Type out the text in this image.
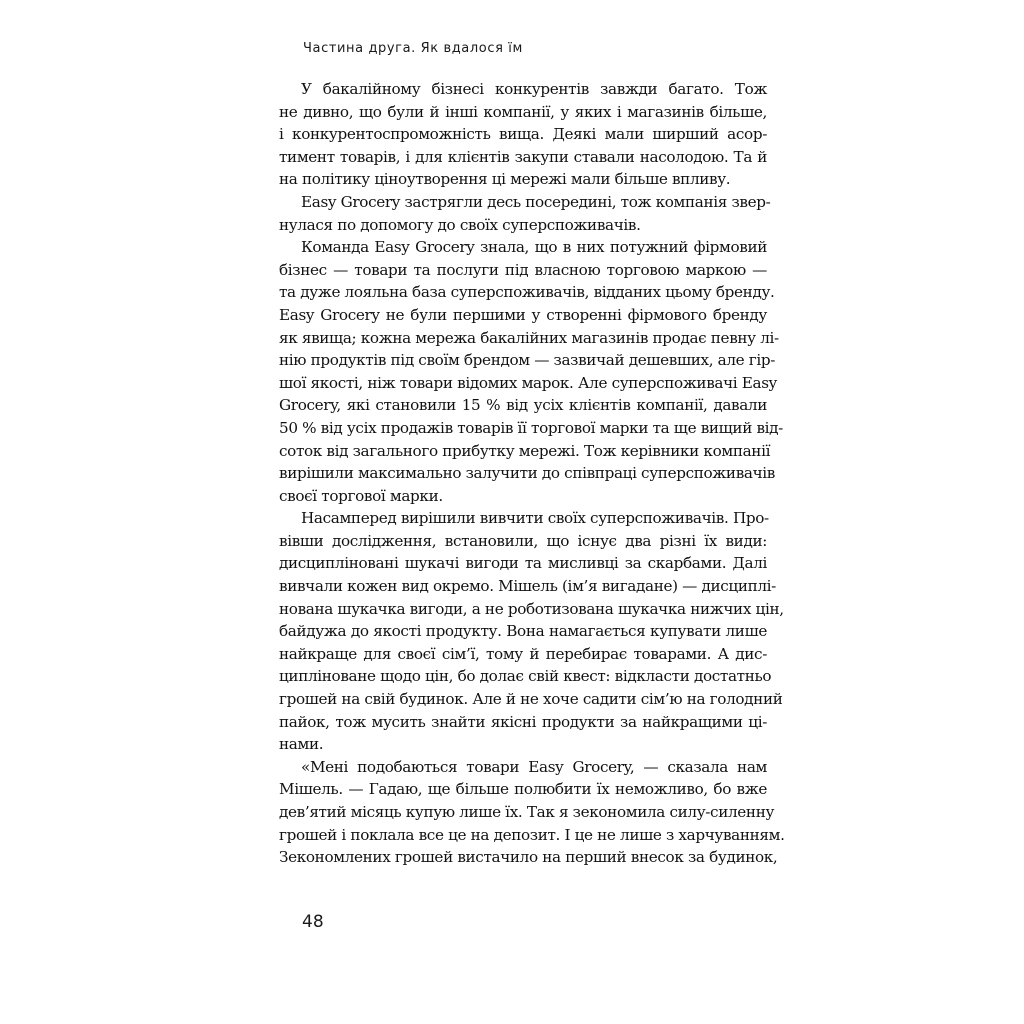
Частина друга. Як вдалося їм
У бакалійному бізнесі конкурентів завжди багато. Тож
не дивно, що були й інші компанії, у яких і магазинів більше,
і конкурентоспроможність вища. Деякі мали ширший асор-
тимент товарів, і для клієнтів закупи ставали насолодою. Та й
на політику ціноутворення ці мережі мали більше впливу.
Easy Grocery застрягли десь посередині, тож компанія звер-
нулася по допомогу до своїх суперспоживачів.
Команда Easy Grocery знала, що в них потужний фірмовий
бізнес — товари та послуги під власною торговою маркою —
та дуже лояльна база суперспоживачів, відданих цьому бренду.
Easy Grocery не були першими у створенні фірмового бренду
як явища; кожна мережа бакалійних магазинів продає певну лі-
нію продуктів під своїм брендом — зазвичай дешевших, але гір-
шої якості, ніж товари відомих марок. Але суперспоживачі Easy
Grocery, які становили 15 % від усіх клієнтів компанії, давали
50 % від усіх продажів товарів її торгової марки та ще вищий від-
соток від загального прибутку мережі. Тож керівники компанії
вирішили максимально залучити до співпраці суперспоживачів
своєї торгової марки.
Насамперед вирішили вивчити своїх суперспоживачів. Про-
вівши дослідження, встановили, що існує два різні їх види:
дисципліновані шукачі вигоди та мисливці за скарбами. Далі
вивчали кожен вид окремо. Мішель (ім’я вигадане) — дисциплі-
нована шукачка вигоди, а не роботизована шукачка нижчих цін,
байдужа до якості продукту. Вона намагається купувати лише
найкраще для своєї сім’ї, тому й перебирає товарами. А дис-
ципліноване щодо цін, бо долає свій квест: відкласти достатньо
грошей на свій будинок. Але й не хоче садити сім’ю на голодний
пайок, тож мусить знайти якісні продукти за найкращими ці-
нами.
«Мені подобаються товари Easy Grocery, — сказала нам
Мішель. — Гадаю, ще більше полюбити їх неможливо, бо вже
дев’ятий місяць купую лише їх. Так я зекономила силу-силенну
грошей і поклала все це на депозит. І це не лише з харчуванням.
Зекономлених грошей вистачило на перший внесок за будинок,
48
